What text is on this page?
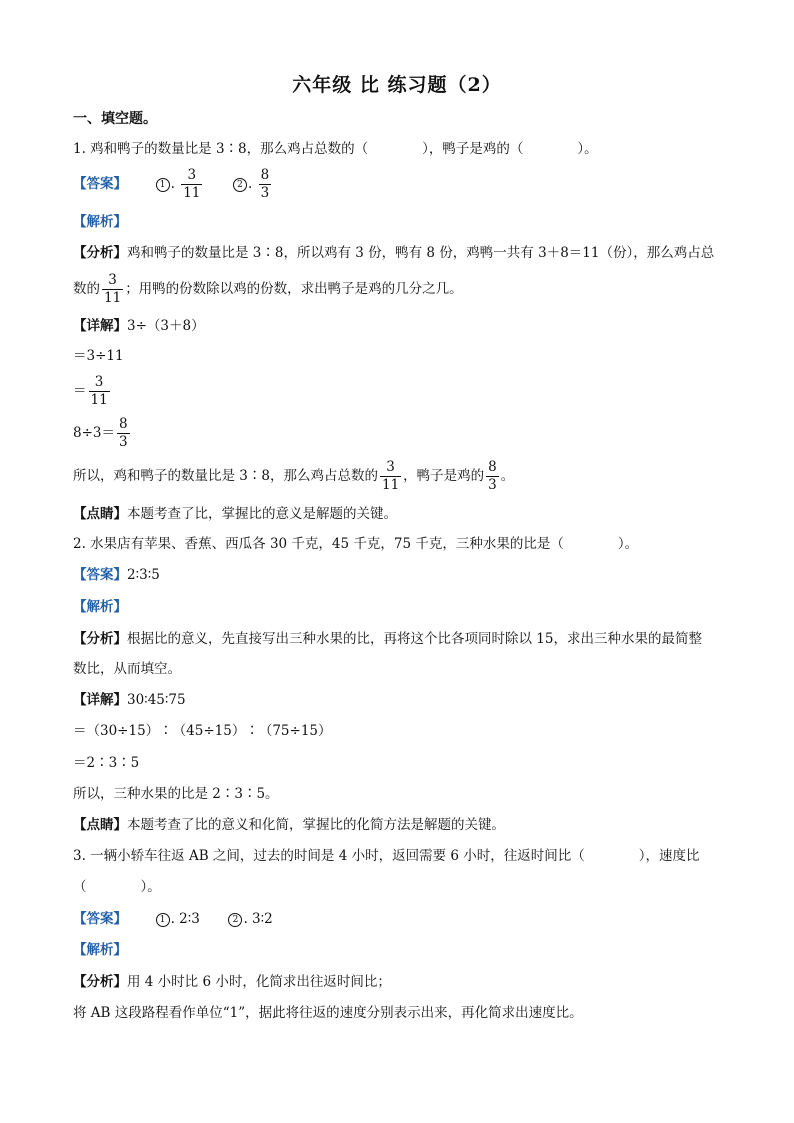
六年级 比 练习题（2）
一、填空题。
1. 鸡和鸭子的数量比是 3∶8，那么鸡占总数的（　　　　），鸭子是鸡的（　　　　）。
【答案】	1 . $\frac{3}{11}$	2 . $\frac{8}{3}$
【解析】
【分析】鸡和鸭子的数量比是 3∶8，所以鸡有 3 份，鸭有 8 份，鸡鸭一共有 3＋8＝11（份），那么鸡占总
数的 $\frac{3}{11}$ ；用鸭的份数除以鸡的份数，求出鸭子是鸡的几分之几。
【详解】3÷（3＋8）
＝3÷11
＝ $\frac{3}{11}$
$8\div 3= \frac{8}{3}$
所以，鸡和鸭子的数量比是 3∶8，那么鸡占总数的 $\frac{3}{11}$ ，鸭子是鸡的 $\frac{8}{3}$ 。
【点睛】本题考查了比，掌握比的意义是解题的关键。
2. 水果店有苹果、香蕉、西瓜各 30 千克，45 千克，75 千克，三种水果的比是（　　　　）。
【答案】2∶3∶5
【解析】
【分析】根据比的意义，先直接写出三种水果的比，再将这个比各项同时除以 15，求出三种水果的最简整
数比，从而填空。
【详解】30∶45∶75
＝（30÷15）∶（45÷15）∶（75÷15）
＝2∶3∶5
所以，三种水果的比是 2∶3∶5。
【点睛】本题考查了比的意义和化简，掌握比的化简方法是解题的关键。
3. 一辆小轿车往返 AB 之间，过去的时间是 4 小时，返回需要 6 小时，往返时间比（　　　　），速度比
（　　　　）。
【答案】	1 . 2∶3	2 . 3∶2
【解析】
【分析】用 4 小时比 6 小时，化简求出往返时间比；
将 AB 这段路程看作单位“1”，据此将往返的速度分别表示出来，再化简求出速度比。
